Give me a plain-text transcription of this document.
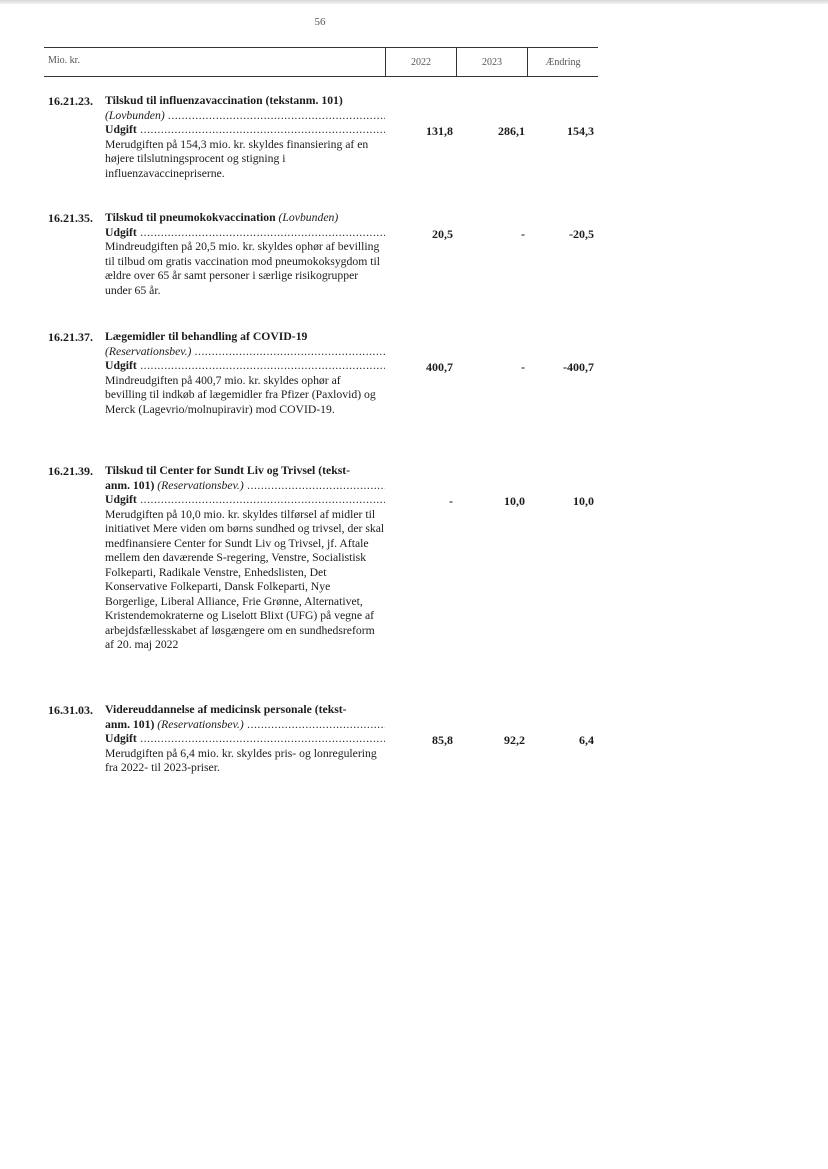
56
Mio. kr.	2022	2023	Ændring
16.21.23. Tilskud til influenzavaccination (tekstanm. 101)
(Lovbunden) .....
Udgift .....
Merudgiften på 154,3 mio. kr. skyldes finansiering af en højere tilslutningsprocent og stigning i influenzavaccinepriserne.
131,8	286,1	154,3
16.21.35. Tilskud til pneumokokvaccination (Lovbunden)
Udgift .....
Mindreudgiften på 20,5 mio. kr. skyldes ophør af bevilling til tilbud om gratis vaccination mod pneumokoksygdom til ældre over 65 år samt personer i særlige risikogrupper under 65 år.
20,5	-	-20,5
16.21.37. Lægemidler til behandling af COVID-19
(Reservationsbev.) .....
Udgift .....
Mindreudgiften på 400,7 mio. kr. skyldes ophør af bevilling til indkøb af lægemidler fra Pfizer (Paxlovid) og Merck (Lagevrio/molnupiravir) mod COVID-19.
400,7	-	-400,7
16.21.39. Tilskud til Center for Sundt Liv og Trivsel (tekst-
anm. 101) (Reservationsbev.) .....
Udgift .....
Merudgiften på 10,0 mio. kr. skyldes tilførsel af midler til initiativet Mere viden om børns sundhed og trivsel, der skal medfinansiere Center for Sundt Liv og Trivsel, jf. Aftale mellem den daværende S-regering, Venstre, Socialistisk Folkeparti, Radikale Venstre, Enhedslisten, Det Konservative Folkeparti, Dansk Folkeparti, Nye Borgerlige, Liberal Alliance, Frie Grønne, Alternativet, Kristendemokraterne og Liselott Blixt (UFG) på vegne af arbejdsfællesskabet af løsgængere om en sundhedsreform af 20. maj 2022
-	10,0	10,0
16.31.03. Videreuddannelse af medicinsk personale (tekst-
anm. 101) (Reservationsbev.) .....
Udgift .....
Merudgiften på 6,4 mio. kr. skyldes pris- og lonregulering fra 2022- til 2023-priser.
85,8	92,2	6,4
